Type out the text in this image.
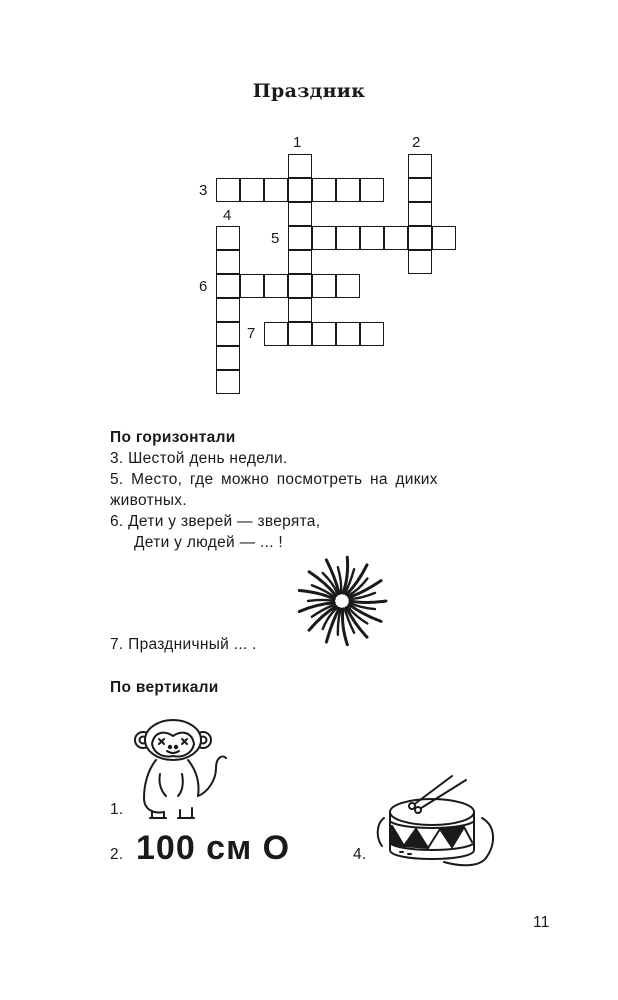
Праздник
1	2
3
4
5
6
7
По горизонтали
3. Шестой день недели.
5. Место, где можно посмотреть на диких
животных.
6. Дети у зверей — зверята,
Дети у людей — ... !
7. Праздничный ... .
По вертикали
1.
2. 100 см О	4.
11
